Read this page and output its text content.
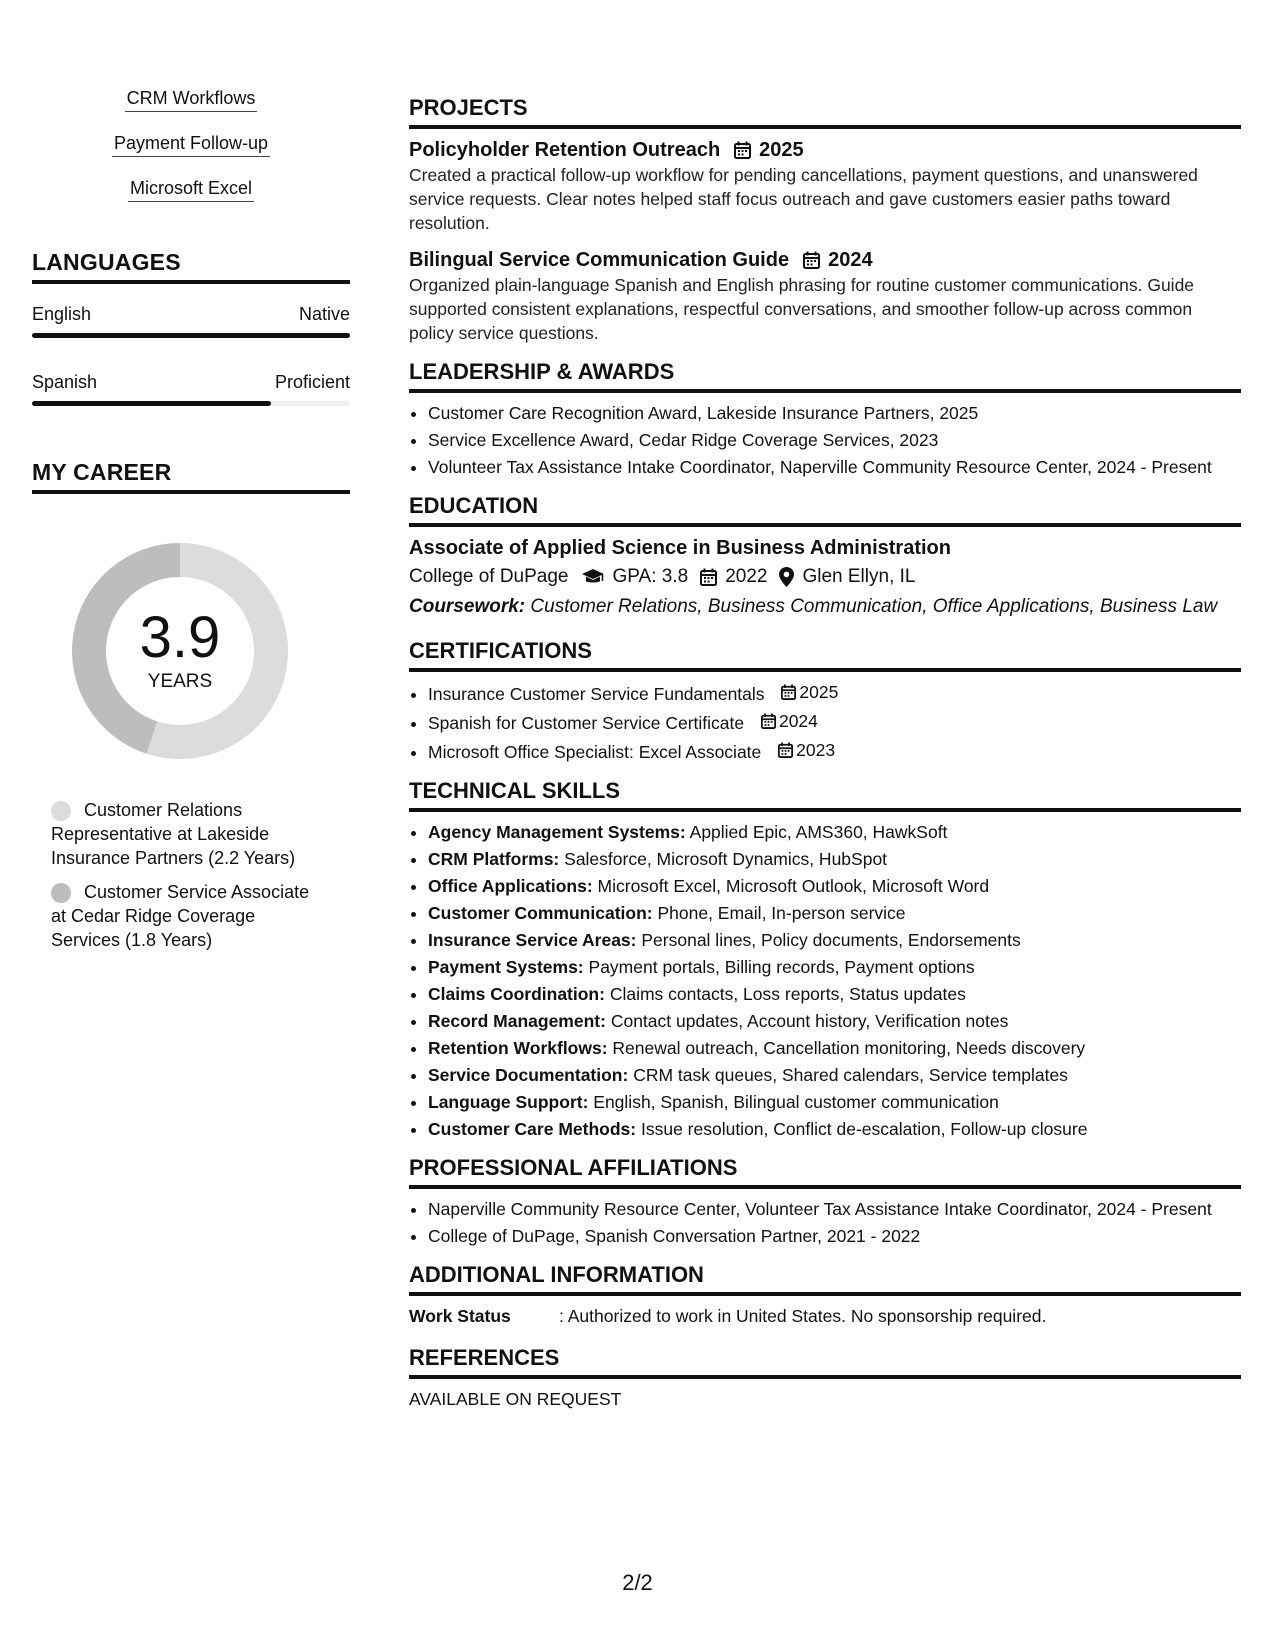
CRM Workflows
Payment Follow-up
Microsoft Excel
LANGUAGES
English	Native
Spanish	Proficient
MY CAREER
3.9
YEARS
Customer Relations Representative at Lakeside Insurance Partners (2.2 Years)
Customer Service Associate at Cedar Ridge Coverage Services (1.8 Years)
PROJECTS
Policyholder Retention Outreach 2025
Created a practical follow-up workflow for pending cancellations, payment questions, and unanswered service requests. Clear notes helped staff focus outreach and gave customers easier paths toward resolution.
Bilingual Service Communication Guide 2024
Organized plain-language Spanish and English phrasing for routine customer communications. Guide supported consistent explanations, respectful conversations, and smoother follow-up across common policy service questions.
LEADERSHIP & AWARDS
• Customer Care Recognition Award, Lakeside Insurance Partners, 2025
• Service Excellence Award, Cedar Ridge Coverage Services, 2023
• Volunteer Tax Assistance Intake Coordinator, Naperville Community Resource Center, 2024 - Present
EDUCATION
Associate of Applied Science in Business Administration
College of DuPage GPA: 3.8 2022 Glen Ellyn, IL
Coursework: Customer Relations, Business Communication, Office Applications, Business Law
CERTIFICATIONS
• Insurance Customer Service Fundamentals 2025
• Spanish for Customer Service Certificate 2024
• Microsoft Office Specialist: Excel Associate 2023
TECHNICAL SKILLS
• Agency Management Systems: Applied Epic, AMS360, HawkSoft
• CRM Platforms: Salesforce, Microsoft Dynamics, HubSpot
• Office Applications: Microsoft Excel, Microsoft Outlook, Microsoft Word
• Customer Communication: Phone, Email, In-person service
• Insurance Service Areas: Personal lines, Policy documents, Endorsements
• Payment Systems: Payment portals, Billing records, Payment options
• Claims Coordination: Claims contacts, Loss reports, Status updates
• Record Management: Contact updates, Account history, Verification notes
• Retention Workflows: Renewal outreach, Cancellation monitoring, Needs discovery
• Service Documentation: CRM task queues, Shared calendars, Service templates
• Language Support: English, Spanish, Bilingual customer communication
• Customer Care Methods: Issue resolution, Conflict de-escalation, Follow-up closure
PROFESSIONAL AFFILIATIONS
• Naperville Community Resource Center, Volunteer Tax Assistance Intake Coordinator, 2024 - Present
• College of DuPage, Spanish Conversation Partner, 2021 - 2022
ADDITIONAL INFORMATION
Work Status	: Authorized to work in United States. No sponsorship required.
REFERENCES
AVAILABLE ON REQUEST
2/2
